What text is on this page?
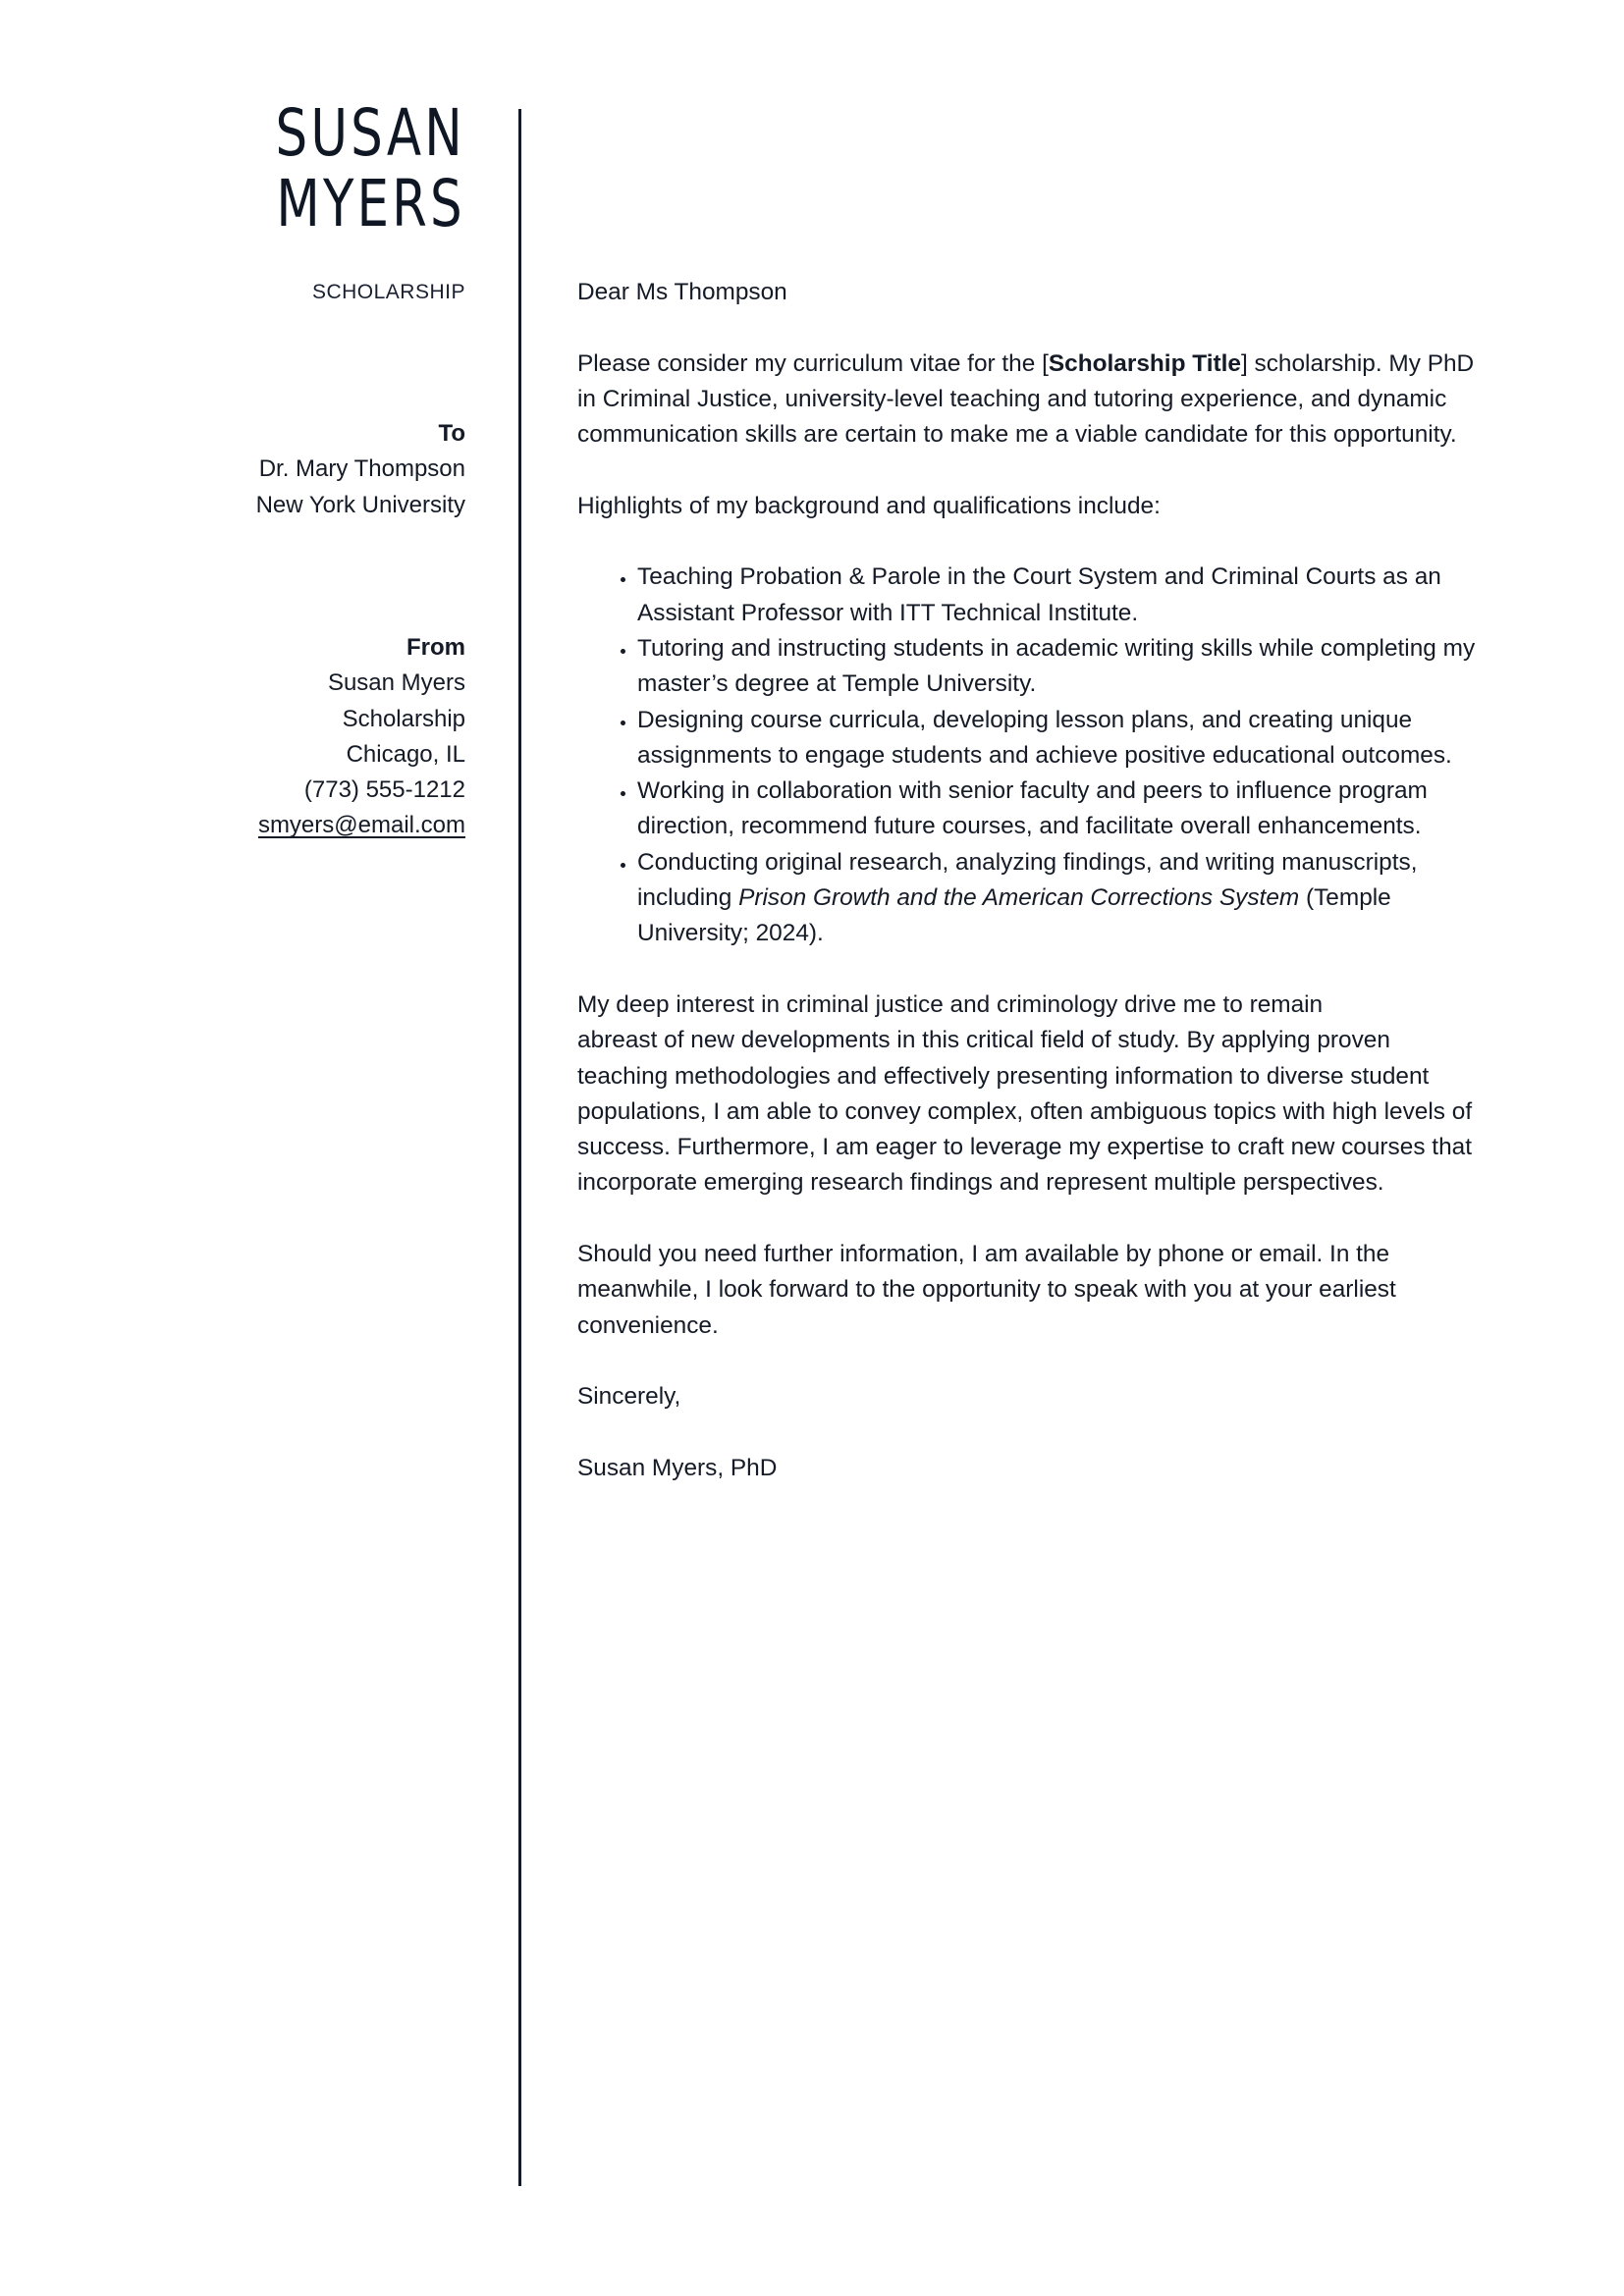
SUSAN
MYERS
SCHOLARSHIP
To
Dr. Mary Thompson
New York University
From
Susan Myers
Scholarship
Chicago, IL
(773) 555-1212
smyers@email.com

Dear Ms Thompson

Please consider my curriculum vitae for the [Scholarship Title] scholarship. My PhD in Criminal Justice, university-level teaching and tutoring experience, and dynamic communication skills are certain to make me a viable candidate for this opportunity.

Highlights of my background and qualifications include:

• Teaching Probation & Parole in the Court System and Criminal Courts as an Assistant Professor with ITT Technical Institute.
• Tutoring and instructing students in academic writing skills while completing my master’s degree at Temple University.
• Designing course curricula, developing lesson plans, and creating unique assignments to engage students and achieve positive educational outcomes.
• Working in collaboration with senior faculty and peers to influence program direction, recommend future courses, and facilitate overall enhancements.
• Conducting original research, analyzing findings, and writing manuscripts, including Prison Growth and the American Corrections System (Temple University; 2024).

My deep interest in criminal justice and criminology drive me to remain
abreast of new developments in this critical field of study. By applying proven teaching methodologies and effectively presenting information to diverse student populations, I am able to convey complex, often ambiguous topics with high levels of success. Furthermore, I am eager to leverage my expertise to craft new courses that incorporate emerging research findings and represent multiple perspectives.

Should you need further information, I am available by phone or email. In the meanwhile, I look forward to the opportunity to speak with you at your earliest convenience.

Sincerely,

Susan Myers, PhD
